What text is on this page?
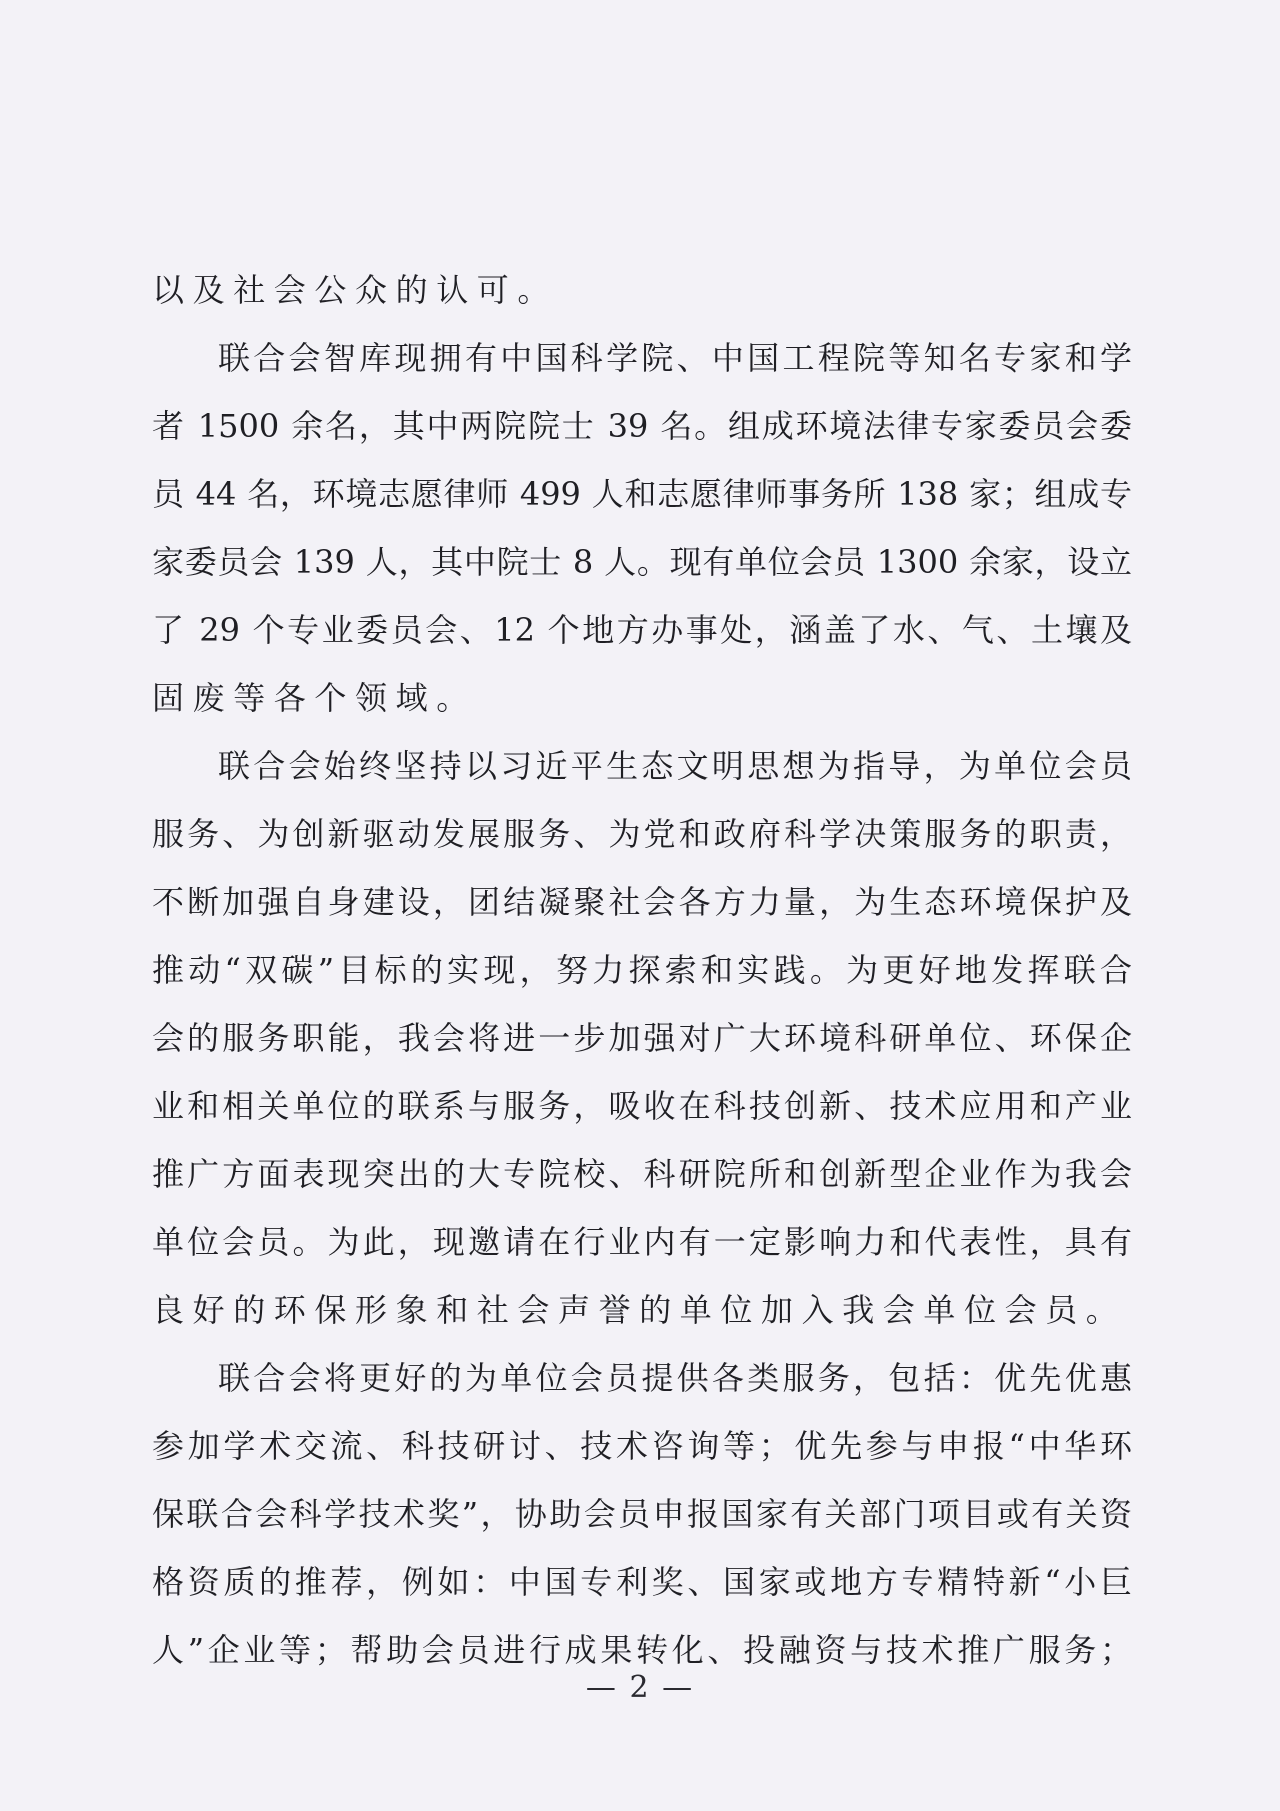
以及社会公众的认可。
联合会智库现拥有中国科学院、中国工程院等知名专家和学
者 1500 余名，其中两院院士 39 名。组成环境法律专家委员会委
员 44 名，环境志愿律师 499 人和志愿律师事务所 138 家；组成专
家委员会 139 人，其中院士 8 人。现有单位会员 1300 余家，设立
了 29 个专业委员会、12 个地方办事处，涵盖了水、气、土壤及
固废等各个领域。
联合会始终坚持以习近平生态文明思想为指导，为单位会员
服务、为创新驱动发展服务、为党和政府科学决策服务的职责，
不断加强自身建设，团结凝聚社会各方力量，为生态环境保护及
推动“双碳”目标的实现，努力探索和实践。为更好地发挥联合
会的服务职能，我会将进一步加强对广大环境科研单位、环保企
业和相关单位的联系与服务，吸收在科技创新、技术应用和产业
推广方面表现突出的大专院校、科研院所和创新型企业作为我会
单位会员。为此，现邀请在行业内有一定影响力和代表性，具有
良好的环保形象和社会声誉的单位加入我会单位会员。
联合会将更好的为单位会员提供各类服务，包括：优先优惠
参加学术交流、科技研讨、技术咨询等；优先参与申报“中华环
保联合会科学技术奖”，协助会员申报国家有关部门项目或有关资
格资质的推荐，例如：中国专利奖、国家或地方专精特新“小巨
人”企业等；帮助会员进行成果转化、投融资与技术推广服务；
— 2 —
